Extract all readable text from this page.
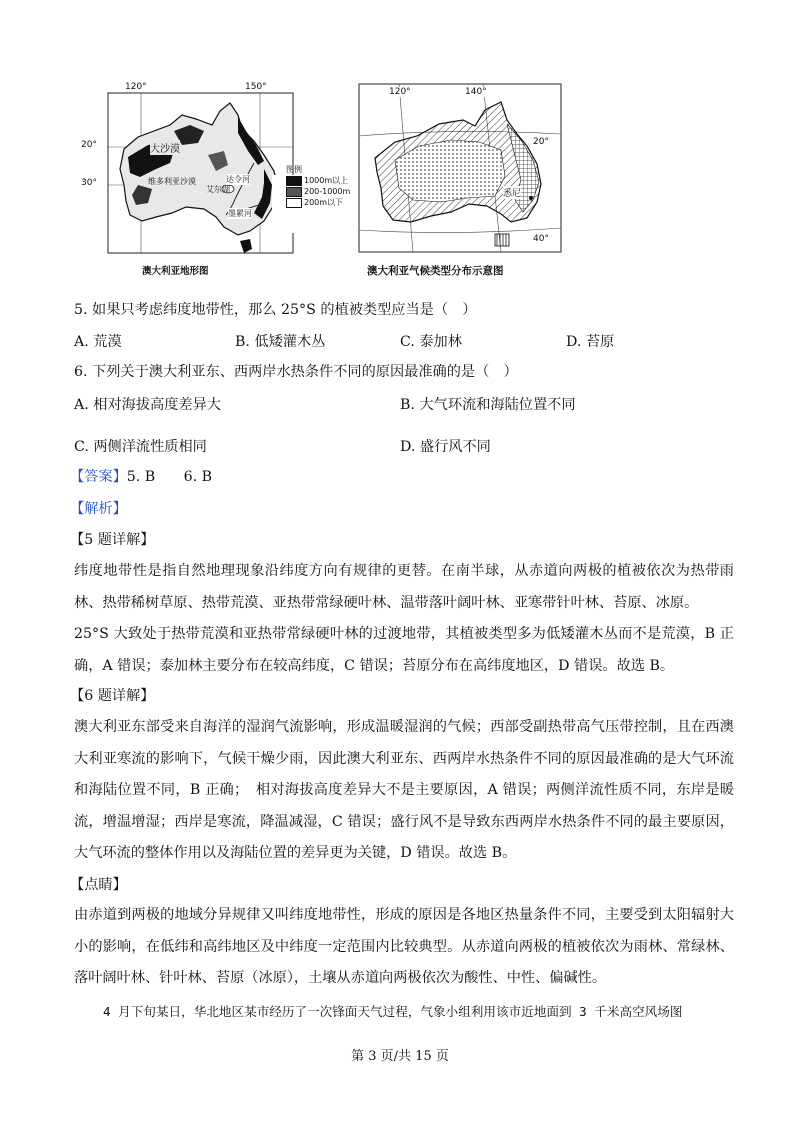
120°	150°
20°
30°
大沙漠
维多利亚沙漠
艾尔湖
达令河
墨累河
图例
1000m以上
200-1000m
200m以下
澳大利亚地形图
120°	140°
20°
40°
悉尼
澳大利亚气候类型分布示意图
5. 如果只考虑纬度地带性，那么 25°S 的植被类型应当是（　）
A. 荒漠	B. 低矮灌木丛	C. 泰加林	D. 苔原
6. 下列关于澳大利亚东、西两岸水热条件不同的原因最准确的是（　）
A. 相对海拔高度差异大	B. 大气环流和海陆位置不同
C. 两侧洋流性质相同	D. 盛行风不同
【答案】5. B　　6. B
【解析】
【5 题详解】
纬度地带性是指自然地理现象沿纬度方向有规律的更替。在南半球，从赤道向两极的植被依次为热带雨林、热带稀树草原、热带荒漠、亚热带常绿硬叶林、温带落叶阔叶林、亚寒带针叶林、苔原、冰原。
25°S 大致处于热带荒漠和亚热带常绿硬叶林的过渡地带，其植被类型多为低矮灌木丛而不是荒漠，B 正确，A 错误；泰加林主要分布在较高纬度，C 错误；苔原分布在高纬度地区，D 错误。故选 B。
【6 题详解】
澳大利亚东部受来自海洋的湿润气流影响，形成温暖湿润的气候；西部受副热带高气压带控制，且在西澳大利亚寒流的影响下，气候干燥少雨，因此澳大利亚东、西两岸水热条件不同的原因最准确的是大气环流和海陆位置不同，B 正确；　相对海拔高度差异大不是主要原因，A 错误；两侧洋流性质不同，东岸是暖流，增温增湿；西岸是寒流，降温减湿，C 错误；盛行风不是导致东西两岸水热条件不同的最主要原因，大气环流的整体作用以及海陆位置的差异更为关键，D 错误。故选 B。
【点睛】
由赤道到两极的地域分异规律又叫纬度地带性，形成的原因是各地区热量条件不同，主要受到太阳辐射大小的影响，在低纬和高纬地区及中纬度一定范围内比较典型。从赤道向两极的植被依次为雨林、常绿林、落叶阔叶林、针叶林、苔原（冰原），土壤从赤道向两极依次为酸性、中性、偏碱性。
4 月下旬某日，华北地区某市经历了一次锋面天气过程，气象小组利用该市近地面到 3 千米高空风场图
第 3 页/共 15 页
